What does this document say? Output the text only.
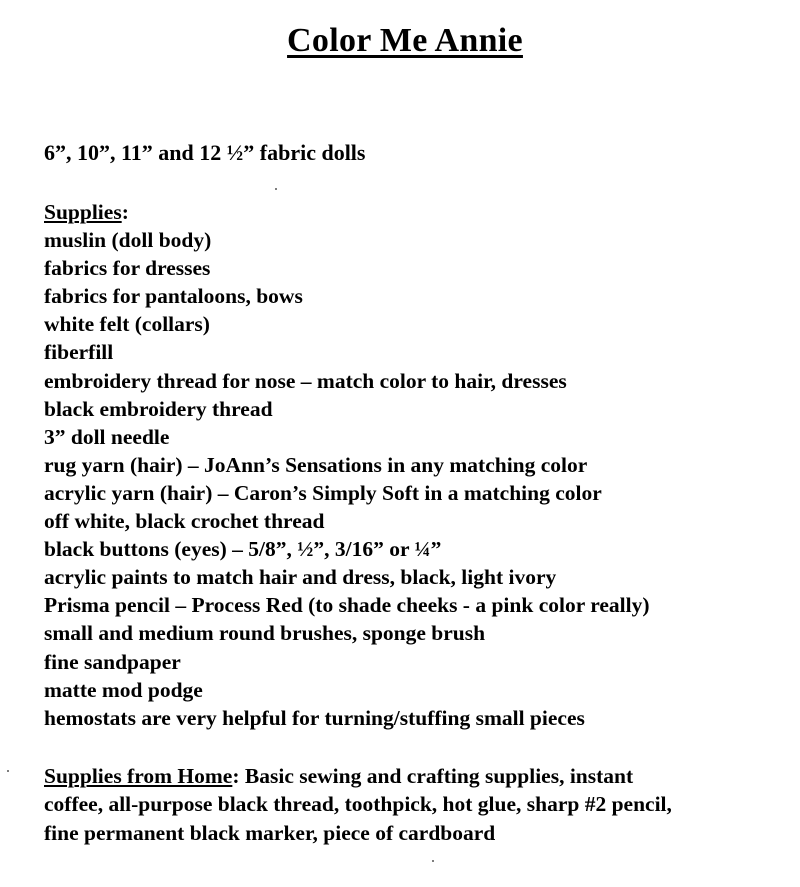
Color Me Annie
6”, 10”, 11” and 12 ½” fabric dolls
Supplies:
muslin (doll body)
fabrics for dresses
fabrics for pantaloons, bows
white felt (collars)
fiberfill
embroidery thread for nose – match color to hair, dresses
black embroidery thread
3” doll needle
rug yarn (hair) – JoAnn’s Sensations in any matching color
acrylic yarn (hair) – Caron’s Simply Soft in a matching color
off white, black crochet thread
black buttons (eyes) – 5/8”, ½”, 3/16” or ¼”
acrylic paints to match hair and dress, black, light ivory
Prisma pencil – Process Red (to shade cheeks - a pink color really)
small and medium round brushes, sponge brush
fine sandpaper
matte mod podge
hemostats are very helpful for turning/stuffing small pieces
Supplies from Home: Basic sewing and crafting supplies, instant
coffee, all-purpose black thread, toothpick, hot glue, sharp #2 pencil,
fine permanent black marker, piece of cardboard
